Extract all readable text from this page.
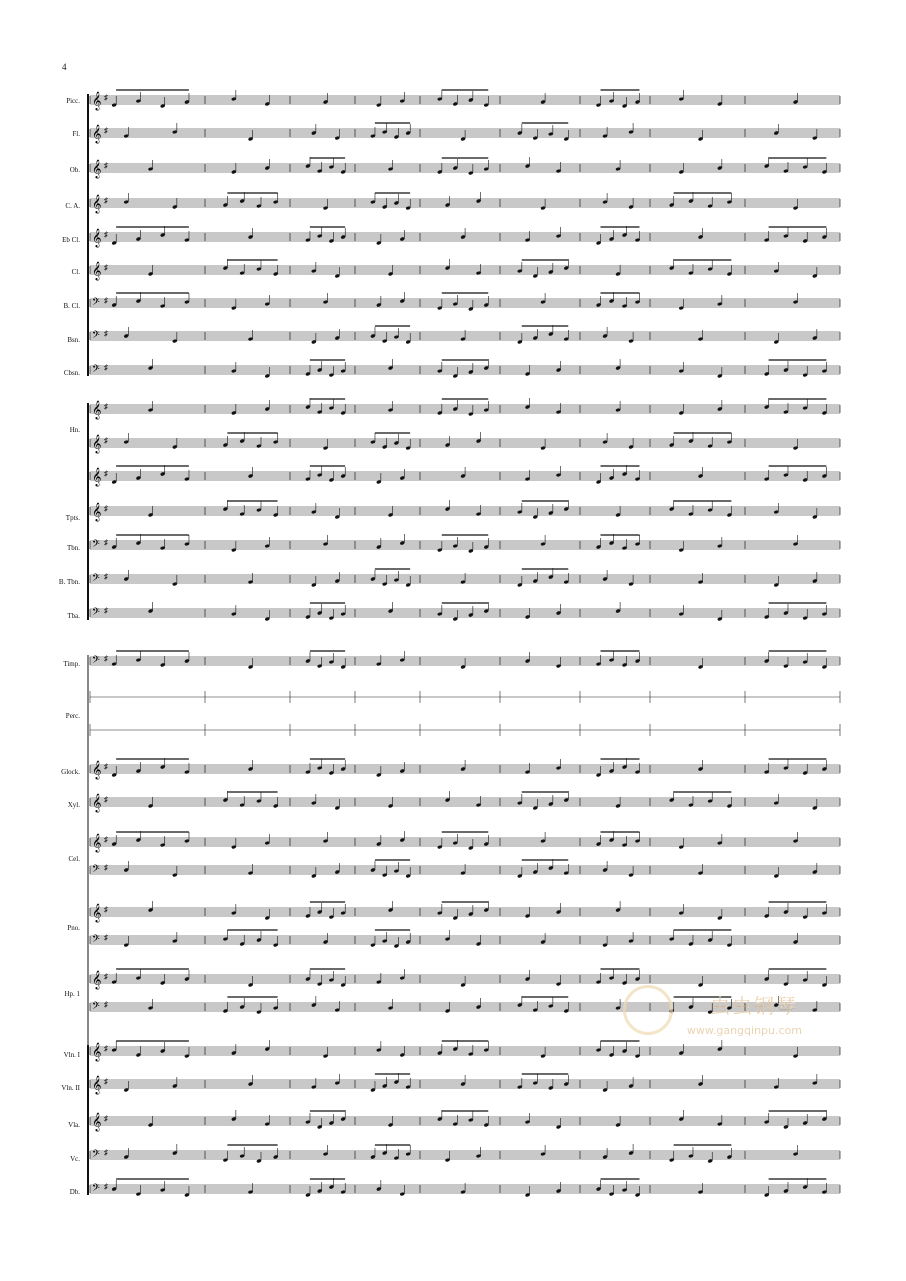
4
Picc.
Fl.
Ob.
C. A.
Eb Cl.
Cl.
B. Cl.
Bsn.
Cbsn.
Hn.
Tpts.
Tbn.
B. Tbn.
Tba.
Timp.
Perc.
Glock.
Xyl.
Cel.
Pno.
Hp. 1
Vln. I
Vln. II
Vla.
Vc.
Db.
𝄞 ♯
𝄞 ♯
𝄞 ♯
𝄞 ♯
𝄞 ♯
𝄞 ♯
𝄢 ♯
𝄢 ♯
𝄢 ♯
𝄞 ♯
𝄞 ♯
𝄞 ♯
𝄞 ♯
𝄢 ♯
𝄢 ♯
𝄢 ♯
𝄢 ♯
𝄞 ♯
𝄞 ♯
𝄞 ♯
𝄢 ♯
𝄞 ♯
𝄢 ♯
𝄞 ♯
𝄢 ♯
𝄞 ♯
𝄞 ♯
𝄞 ♯
𝄢 ♯
𝄢 ♯
虫虫钢琴
www.gangqinpu.com
